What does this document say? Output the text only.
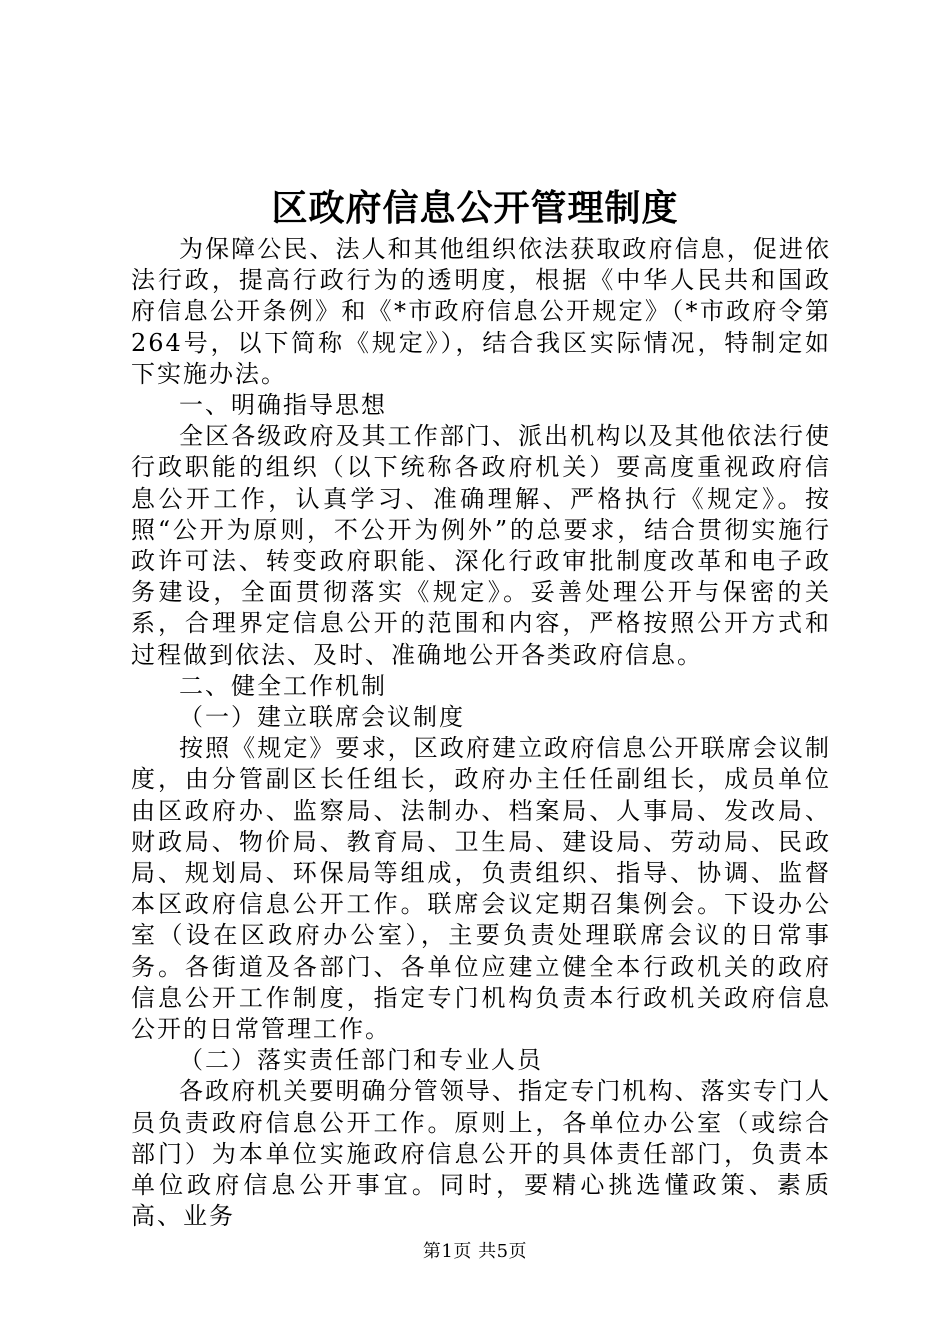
区政府信息公开管理制度

为保障公民、法人和其他组织依法获取政府信息，促进依法行政，提高行政行为的透明度，根据《中华人民共和国政府信息公开条例》和《*市政府信息公开规定》（*市政府令第264号，以下简称《规定》），结合我区实际情况，特制定如下实施办法。

一、明确指导思想

全区各级政府及其工作部门、派出机构以及其他依法行使行政职能的组织（以下统称各政府机关）要高度重视政府信息公开工作，认真学习、准确理解、严格执行《规定》。按照“公开为原则，不公开为例外”的总要求，结合贯彻实施行政许可法、转变政府职能、深化行政审批制度改革和电子政务建设，全面贯彻落实《规定》。妥善处理公开与保密的关系，合理界定信息公开的范围和内容，严格按照公开方式和过程做到依法、及时、准确地公开各类政府信息。

二、健全工作机制

（一）建立联席会议制度

按照《规定》要求，区政府建立政府信息公开联席会议制度，由分管副区长任组长，政府办主任任副组长，成员单位由区政府办、监察局、法制办、档案局、人事局、发改局、财政局、物价局、教育局、卫生局、建设局、劳动局、民政局、规划局、环保局等组成，负责组织、指导、协调、监督本区政府信息公开工作。联席会议定期召集例会。下设办公室（设在区政府办公室），主要负责处理联席会议的日常事务。各街道及各部门、各单位应建立健全本行政机关的政府信息公开工作制度，指定专门机构负责本行政机关政府信息公开的日常管理工作。

（二）落实责任部门和专业人员

各政府机关要明确分管领导、指定专门机构、落实专门人员负责政府信息公开工作。原则上，各单位办公室（或综合部门）为本单位实施政府信息公开的具体责任部门，负责本单位政府信息公开事宜。同时，要精心挑选懂政策、素质高、业务

第1页 共5页
